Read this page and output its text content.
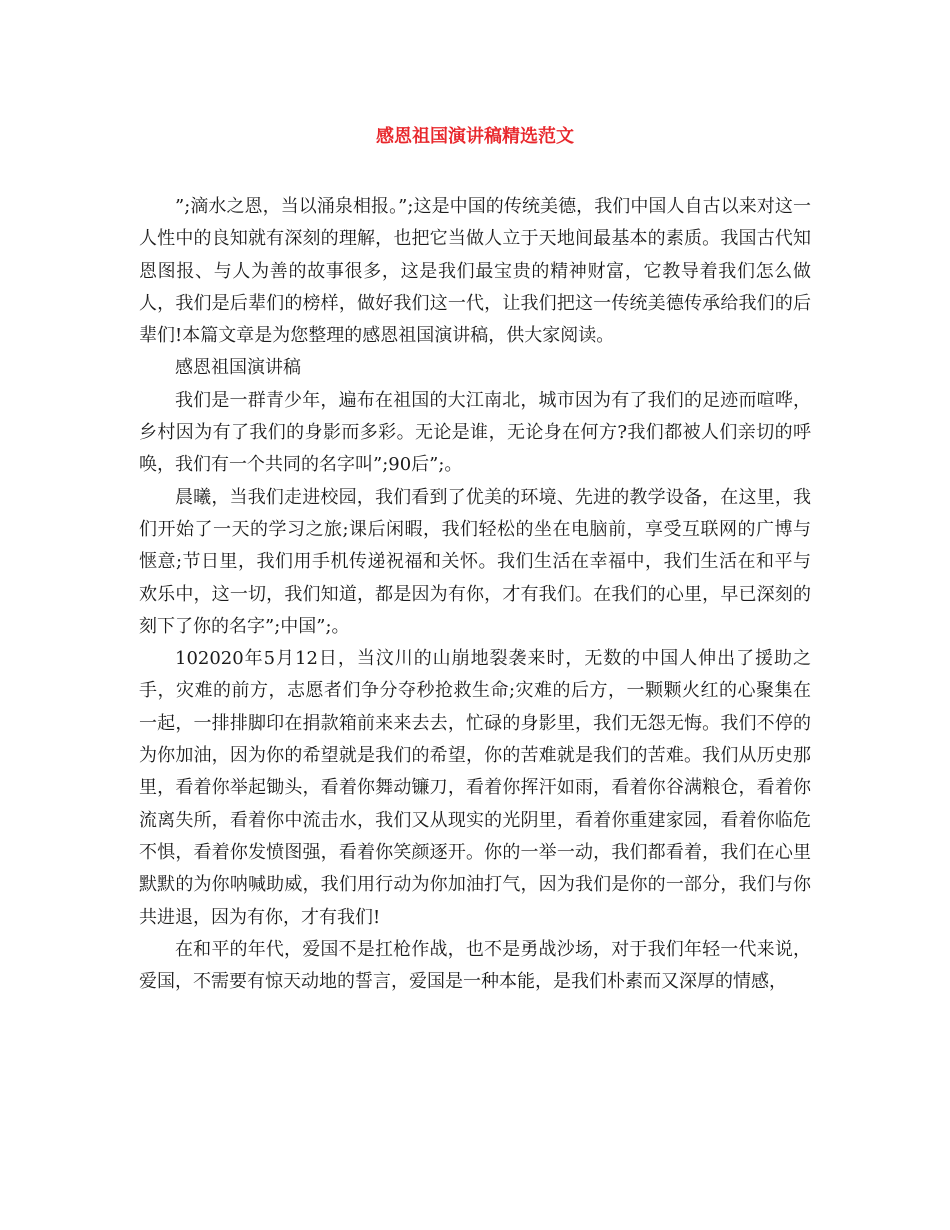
感恩祖国演讲稿精选范文

”;滴水之恩，当以涌泉相报。”;这是中国的传统美德，我们中国人自古以来对这一人性中的良知就有深刻的理解，也把它当做人立于天地间最基本的素质。我国古代知恩图报、与人为善的故事很多，这是我们最宝贵的精神财富，它教导着我们怎么做人，我们是后辈们的榜样，做好我们这一代，让我们把这一传统美德传承给我们的后辈们!本篇文章是为您整理的感恩祖国演讲稿，供大家阅读。

感恩祖国演讲稿

我们是一群青少年，遍布在祖国的大江南北，城市因为有了我们的足迹而喧哗，乡村因为有了我们的身影而多彩。无论是谁，无论身在何方?我们都被人们亲切的呼唤，我们有一个共同的名字叫”;90后”;。

晨曦，当我们走进校园，我们看到了优美的环境、先进的教学设备，在这里，我们开始了一天的学习之旅;课后闲暇，我们轻松的坐在电脑前，享受互联网的广博与惬意;节日里，我们用手机传递祝福和关怀。我们生活在幸福中，我们生活在和平与欢乐中，这一切，我们知道，都是因为有你，才有我们。在我们的心里，早已深刻的刻下了你的名字”;中国”;。

102020年5月12日，当汶川的山崩地裂袭来时，无数的中国人伸出了援助之手，灾难的前方，志愿者们争分夺秒抢救生命;灾难的后方，一颗颗火红的心聚集在一起，一排排脚印在捐款箱前来来去去，忙碌的身影里，我们无怨无悔。我们不停的为你加油，因为你的希望就是我们的希望，你的苦难就是我们的苦难。我们从历史那里，看着你举起锄头，看着你舞动镰刀，看着你挥汗如雨，看着你谷满粮仓，看着你流离失所，看着你中流击水，我们又从现实的光阴里，看着你重建家园，看着你临危不惧，看着你发愤图强，看着你笑颜逐开。你的一举一动，我们都看着，我们在心里默默的为你呐喊助威，我们用行动为你加油打气，因为我们是你的一部分，我们与你共进退，因为有你，才有我们!

在和平的年代，爱国不是扛枪作战，也不是勇战沙场，对于我们年轻一代来说，爱国，不需要有惊天动地的誓言，爱国是一种本能，是我们朴素而又深厚的情感，
